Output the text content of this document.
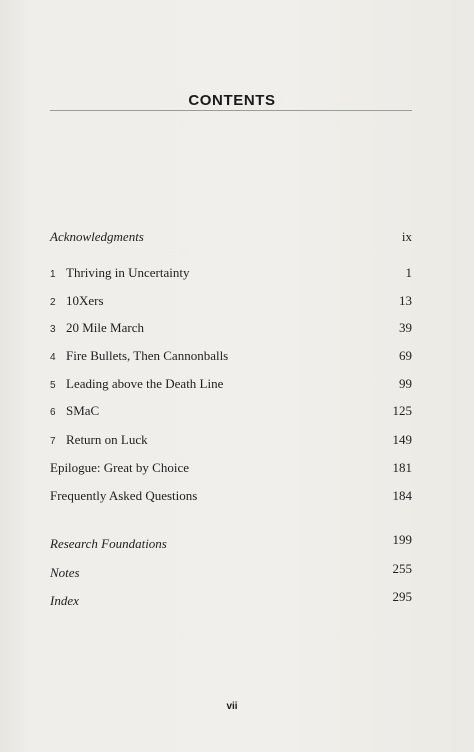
CONTENTS
Acknowledgments	ix
1 Thriving in Uncertainty	1
2 10Xers	13
3 20 Mile March	39
4 Fire Bullets, Then Cannonballs	69
5 Leading above the Death Line	99
6 SMaC	125
7 Return on Luck	149
Epilogue: Great by Choice	181
Frequently Asked Questions	184
Research Foundations	199
Notes	255
Index	295
vii
